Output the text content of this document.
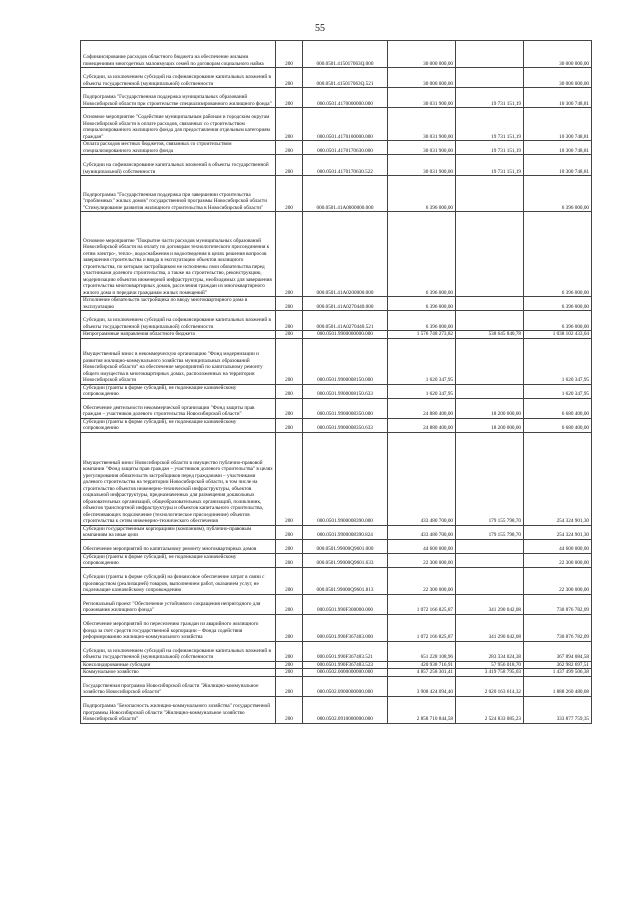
55
Софинансирование расходов областного бюджета на обеспечение жилыми помещениями многодетных малоимущих семей по договорам социального найма	200	000.0501.415017063Q.000	30 000 000,00		30 000 000,00
Субсидии, за исключением субсидий на софинансирование капитальных вложений в объекты государственной (муниципальной) собственности	200	000.0501.415017063Q.521	30 000 000,00		30 000 000,00
Подпрограмма "Государственная поддержка муниципальных образований Новосибирской области при строительстве специализированного жилищного фонда"	200	000.0501.4170000000.000	30 031 900,00	19 731 151,19	10 300 748,81
Основное мероприятие "Содействие муниципальным районам и городским округам Новосибирской области в оплате расходов, связанных со строительством специализированного жилищного фонда для предоставления отдельным категориям граждан"	200	000.0501.4170100000.000	30 031 900,00	19 731 151,19	10 300 748,81
Оплата расходов местных бюджетов, связанных со строительством специализированного жилищного фонда	200	000.0501.4170170630.000	30 031 900,00	19 731 151,19	10 300 748,81
Субсидии на софинансирование капитальных вложений в объекты государственной (муниципальной) собственности	200	000.0501.4170170630.522	30 031 900,00	19 731 151,19	10 300 748,81
Подпрограмма "Государственная поддержка при завершении строительства "проблемных" жилых домов" государственной программы Новосибирской области "Стимулирование развития жилищного строительства в Новосибирской области"	200	000.0501.41A0000000.000	6 396 000,00		6 396 000,00
Основное мероприятие "Покрытие части расходов муниципальных образований Новосибирской области на оплату по договорам технологического присоединения к сетям электро-, тепло-, водоснабжения и водоотведения в целях решения вопросов завершения строительства и ввода в эксплуатацию объектов жилищного строительства, по которым застройщиком не исполнены свои обязательства перед участниками долевого строительства, а также на строительство, реконструкцию, модернизацию объектов инженерной инфраструктуры, необходимых для завершения строительства многоквартирных домов, расселения граждан из многоквартирного жилого дома и передачи гражданам жилых помещений"	200	000.0501.41A0200000.000	6 396 000,00		6 396 000,00
Исполнение обязательств застройщика по вводу многоквартирного дома в эксплуатацию	200	000.0501.41A0270440.000	6 396 000,00		6 396 000,00
Субсидии, за исключением субсидий на софинансирование капитальных вложений в объекты государственной (муниципальной) собственности	200	000.0501.41A0270440.521	6 396 000,00		6 396 000,00
Непрограммные направления областного бюджета	200	000.0501.9900000000.000	1 576 748 273,82	538 645 840,78	1 038 102 433,04
Имущественный взнос в некоммерческую организацию "Фонд модернизации и развития жилищно-коммунального хозяйства муниципальных образований Новосибирской области" на обеспечение мероприятий по капитальному ремонту общего имущества в многоквартирных домах, расположенных на территории Новосибирской области	200	000.0501.9900008150.000	1 620 347,95		1 620 347,95
Субсидии (гранты в форме субсидий), не подлежащие казначейскому сопровождению	200	000.0501.9900008150.633	1 620 347,95		1 620 347,95
Обеспечение деятельности некоммерческой организации "Фонд защиты прав граждан – участников долевого строительства Новосибирской области"	200	000.0501.9900008350.000	24 880 400,00	18 200 000,00	6 680 400,00
Субсидии (гранты в форме субсидий), не подлежащие казначейскому сопровождению	200	000.0501.9900008350.633	24 880 400,00	18 200 000,00	6 680 400,00
Имущественный взнос Новосибирской области в имущество публично-правовой компании "Фонд защиты прав граждан – участников долевого строительства" в целях урегулирования обязательств застройщиков перед гражданами – участниками долевого строительства на территории Новосибирской области, в том числе на строительство объектов инженерно-технической инфраструктуры, объектов социальной инфраструктуры, предназначенных для размещения дошкольных образовательных организаций, общеобразовательных организаций, поликлиник, объектов транспортной инфраструктуры и объектов капитального строительства, обеспечивающих подключение (технологическое присоединение) объектов строительства к сетям инженерно-технического обеспечения	200	000.0501.9900008390.000	433 480 700,00	179 155 798,70	254 324 901,30
Субсидии государственным корпорациям (компаниям), публично-правовым компаниям на иные цели	200	000.0501.9900008390.824	433 480 700,00	179 155 798,70	254 324 901,30
Обеспечение мероприятий по капитальному ремонту многоквартирных домов	200	000.0501.99000Q9601.000	44 600 000,00		44 600 000,00
Субсидии (гранты в форме субсидий), не подлежащие казначейскому сопровождению	200	000.0501.99000Q9601.633	22 300 000,00		22 300 000,00
Субсидии (гранты в форме субсидий) на финансовое обеспечение затрат в связи с производством (реализацией) товаров, выполнением работ, оказанием услуг, не подлежащие казначейскому сопровождению	200	000.0501.99000Q9601.813	22 300 000,00		22 300 000,00
Региональный проект "Обеспечение устойчивого сокращения непригодного для проживания жилищного фонда"	200	000.0501.990F300000.000	1 072 166 825,87	341 290 042,08	730 876 782,09
Обеспечение мероприятий по переселению граждан из аварийного жилищного фонда за счет средств государственной корпорации – Фонда содействия реформированию жилищно-коммунального хозяйства	200	000.0501.990F367483.000	1 072 166 825,87	341 290 042,08	730 876 782,09
Субсидии, за исключением субсидий на софинансирование капитальных вложений в объекты государственной (муниципальной) собственности	200	000.0501.990F367483.521	651 228 108,96	283 334 024,38	367 894 084,58
Консолидированные субсидии	200	000.0501.990F367483.523	420 938 716,91	57 956 018,70	362 982 697,51
Коммунальное хозяйство	200	000.0502.0000000000.000	4 857 258 301,41	3 419 758 795,03	1 437 499 506,38
Государственная программа Новосибирской области "Жилищно-коммунальное хозяйство Новосибирской области"	200	000.0502.0900000000.000	3 908 424 094,40	2 020 163 614,32	1 888 260 480,08
Подпрограмма "Безопасность жилищно-коммунального хозяйства" государственной программы Новосибирской области "Жилищно-коммунальное хозяйство Новосибирской области"	200	000.0502.0910000000.000	2 858 710 844,58	2 524 833 085,23	333 877 759,35
